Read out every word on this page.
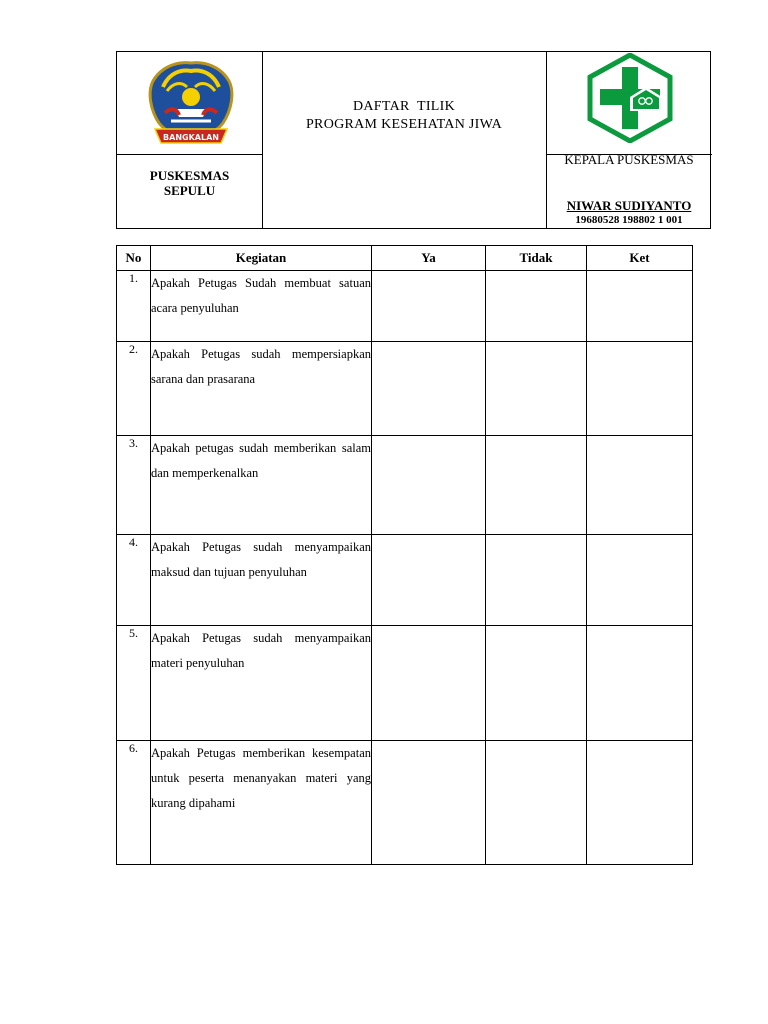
BANGKALAN
PUSKESMAS
SEPULU
DAFTAR  TILIK
PROGRAM KESEHATAN JIWA
KEPALA PUSKESMAS
NIWAR SUDIYANTO
19680528 198802 1 001
No	Kegiatan	Ya	Tidak	Ket
1.	Apakah Petugas Sudah membuat satuan acara penyuluhan			
2.	Apakah Petugas sudah mempersiapkan sarana dan prasarana			
3.	Apakah petugas sudah memberikan salam dan memperkenalkan			
4.	Apakah Petugas sudah menyampaikan maksud dan tujuan penyuluhan			
5.	Apakah Petugas sudah menyampaikan materi penyuluhan			
6.	Apakah Petugas memberikan kesempatan untuk peserta menanyakan materi yang kurang dipahami			
